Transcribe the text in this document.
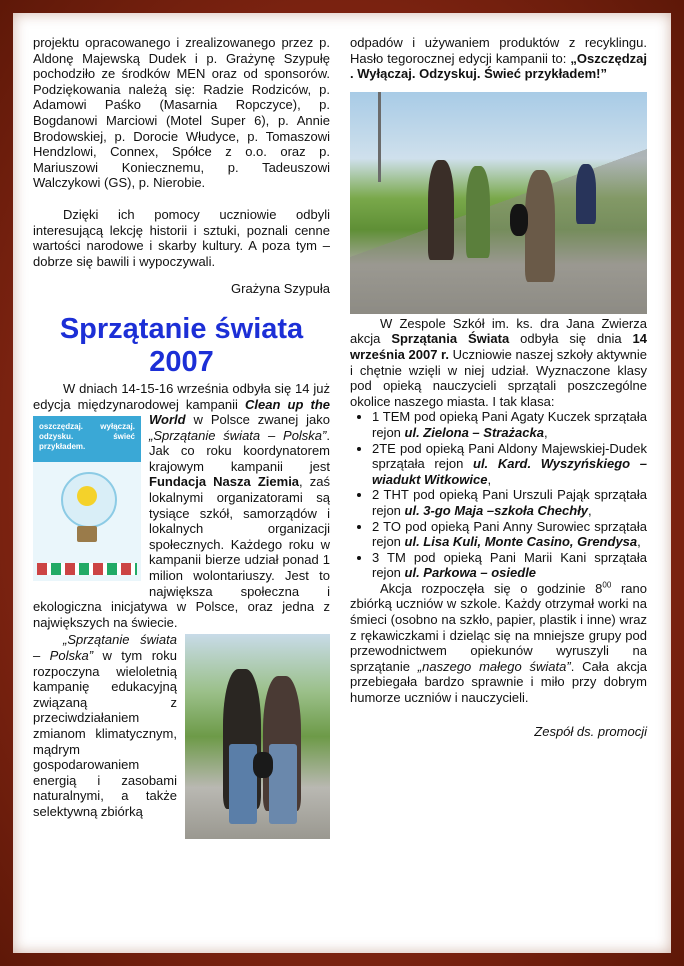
projektu opracowanego i zrealizowanego przez p. Aldonę Majewską Dudek i p. Grażynę Szypułę pochodziło ze środków MEN oraz od sponsorów. Podziękowania należą się: Radzie Rodziców, p. Adamowi Paśko (Masarnia Ropczyce), p. Bogdanowi Marciowi (Motel Super 6), p. Annie Brodowskiej, p. Dorocie Włudyce, p. Tomaszowi Hendzlowi, Connex, Spółce z o.o. oraz p. Mariuszowi Koniecznemu, p. Tadeuszowi Walczykowi (GS), p. Nierobie.

Dzięki ich pomocy uczniowie odbyli interesującą lekcję historii i sztuki, poznali cenne wartości narodowe i skarby kultury. A poza tym – dobrze się bawili i wypoczywali.

Grażyna Szypuła

Sprzątanie świata
2007

W dniach 14-15-16 września odbyła się 14 już edycja międzynarodowej kampanii
oszczędzaj. wyłączaj. odzysku. świeć przykładem.
Clean up the World w Polsce zwanej jako „Sprzątanie świata – Polska”. Jak co roku koordynatorem krajowym kampanii jest Fundacja Nasza Ziemia, zaś lokalnymi organizatorami są tysiące szkół, samorządów i lokalnych organizacji społecznych. Każdego roku w kampanii bierze udział ponad 1 milion wolontariuszy. Jest to największa społeczna i ekologiczna inicjatywa w Polsce, oraz jedna z największych na świecie.

„Sprzątanie świata – Polska” w tym roku rozpoczyna wieloletnią kampanię edukacyjną związaną z przeciwdziałaniem zmianom klimatycznym, mądrym gospodarowaniem energią i zasobami naturalnymi, a także selektywną zbiórką

odpadów i używaniem produktów z recyklingu. Hasło tegorocznej edycji kampanii to: „Oszczędzaj . Wyłączaj. Odzyskuj. Świeć przykładem!”

W Zespole Szkół im. ks. dra Jana Zwierza akcja Sprzątania Świata odbyła się dnia 14 września 2007 r. Uczniowie naszej szkoły aktywnie i chętnie wzięli w niej udział. Wyznaczone klasy pod opieką nauczycieli sprzątali poszczególne okolice naszego miasta. I tak klasa:

• 1 TEM pod opieką Pani Agaty Kuczek sprzątała rejon ul. Zielona – Strażacka,
• 2TE pod opieką Pani Aldony Majewskiej-Dudek sprzątała rejon ul. Kard. Wyszyńskiego – wiadukt Witkowice,
• 2 THT pod opieką Pani Urszuli Pająk sprzątała rejon ul. 3-go Maja –szkoła Chechły,
• 2 TO pod opieką Pani Anny Surowiec sprzątała rejon ul. Lisa Kuli, Monte Casino, Grendysa,
• 3 TM pod opieką Pani Marii Kani sprzątała rejon ul. Parkowa – osiedle

Akcja rozpoczęła się o godzinie $8^{00}$ rano zbiórką uczniów w szkole. Każdy otrzymał worki na śmieci (osobno na szkło, papier, plastik i inne) wraz z rękawiczkami i dzieląc się na mniejsze grupy pod przewodnictwem opiekunów wyruszyli na sprzątanie „naszego małego świata”. Cała akcja przebiegała bardzo sprawnie i miło przy dobrym humorze uczniów i nauczycieli.

Zespół ds. promocji
